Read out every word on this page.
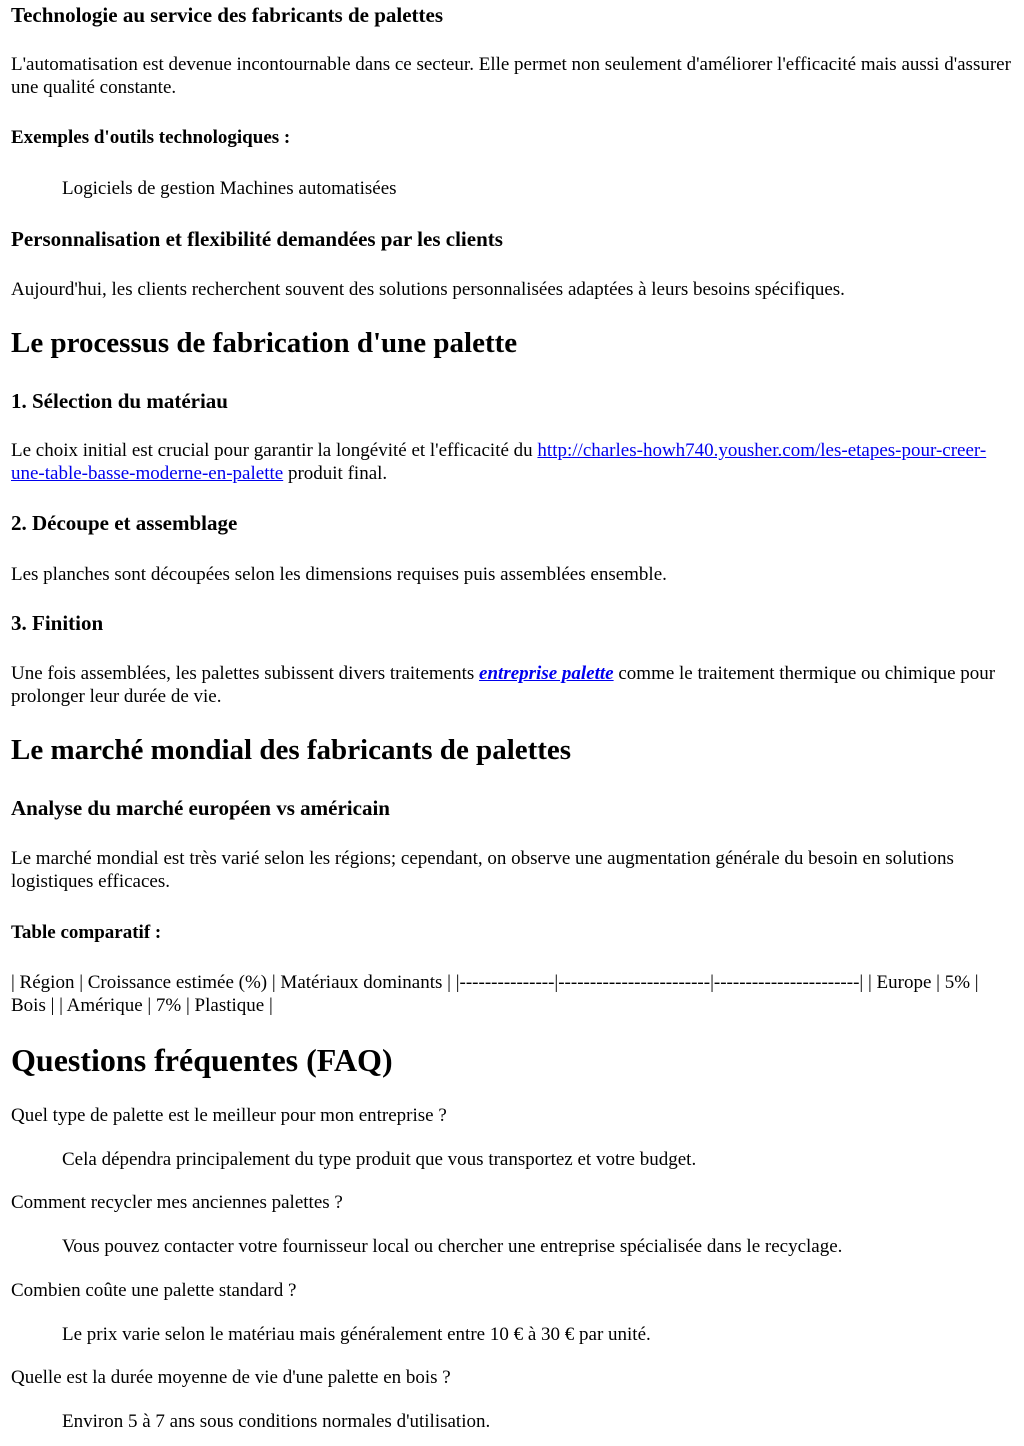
Technologie au service des fabricants de palettes

L'automatisation est devenue incontournable dans ce secteur. Elle permet non seulement d'améliorer l'efficacité mais aussi d'assurer une qualité constante.

Exemples d'outils technologiques :

Logiciels de gestion Machines automatisées

Personnalisation et flexibilité demandées par les clients

Aujourd'hui, les clients recherchent souvent des solutions personnalisées adaptées à leurs besoins spécifiques.

Le processus de fabrication d'une palette
1. Sélection du matériau

Le choix initial est crucial pour garantir la longévité et l'efficacité du http://charles-howh740.yousher.com/les-etapes-pour-creer-une-table-basse-moderne-en-palette produit final.

2. Découpe et assemblage

Les planches sont découpées selon les dimensions requises puis assemblées ensemble.

3. Finition

Une fois assemblées, les palettes subissent divers traitements entreprise palette comme le traitement thermique ou chimique pour prolonger leur durée de vie.

Le marché mondial des fabricants de palettes
Analyse du marché européen vs américain

Le marché mondial est très varié selon les régions; cependant, on observe une augmentation générale du besoin en solutions logistiques efficaces.

Table comparatif :

| Région | Croissance estimée (%) | Matériaux dominants | |---------------|------------------------|-----------------------| | Europe | 5% | Bois | | Amérique | 7% | Plastique |

Questions fréquentes (FAQ)

Quel type de palette est le meilleur pour mon entreprise ?

Cela dépendra principalement du type produit que vous transportez et votre budget.

Comment recycler mes anciennes palettes ?

Vous pouvez contacter votre fournisseur local ou chercher une entreprise spécialisée dans le recyclage.

Combien coûte une palette standard ?

Le prix varie selon le matériau mais généralement entre 10 € à 30 € par unité.

Quelle est la durée moyenne de vie d'une palette en bois ?

Environ 5 à 7 ans sous conditions normales d'utilisation.
